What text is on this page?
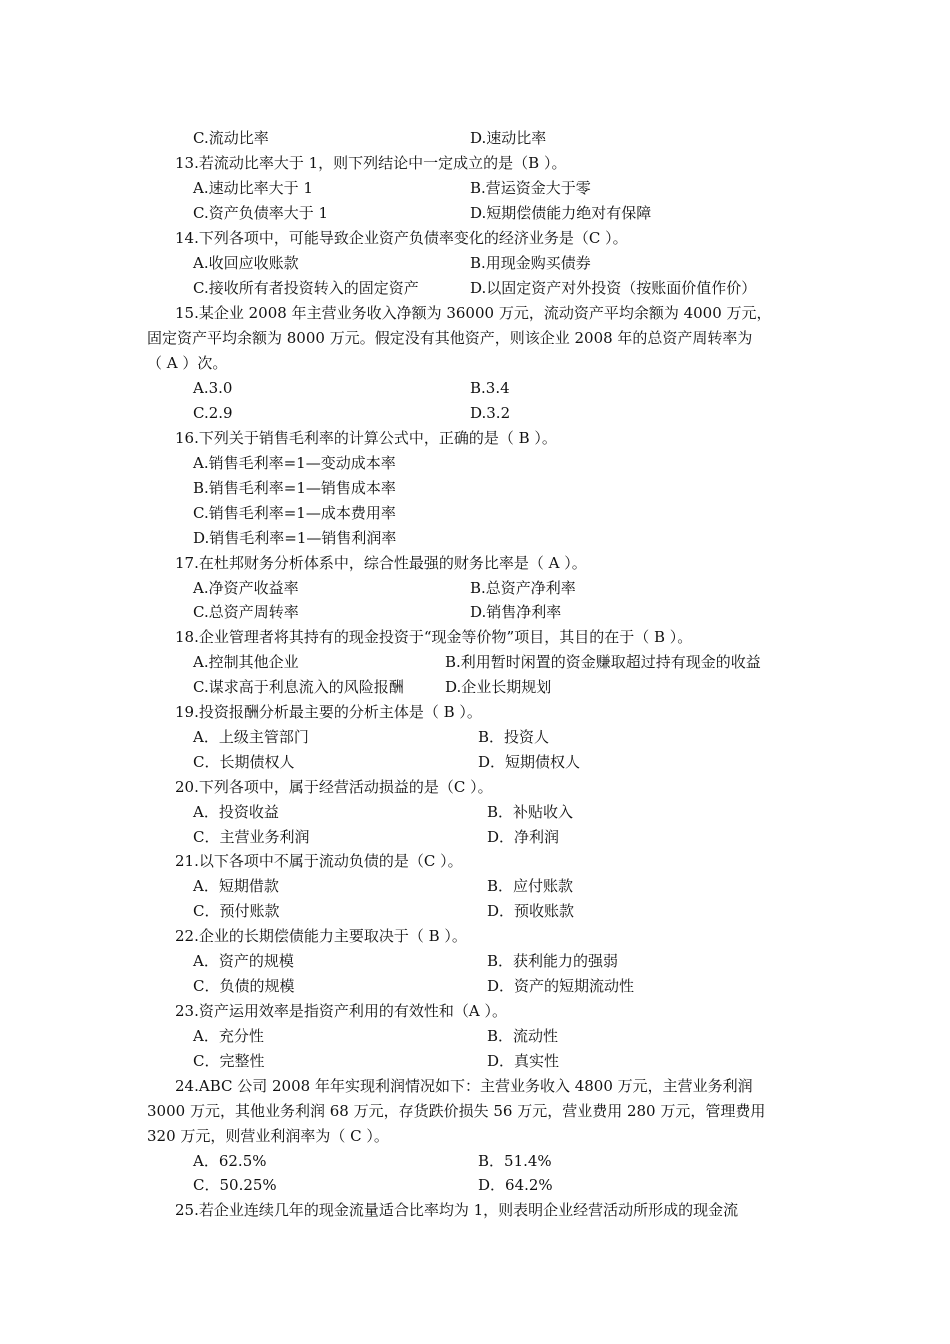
C.流动比率	D.速动比率
13.若流动比率大于 1，则下列结论中一定成立的是（B ）。
A.速动比率大于 1	B.营运资金大于零
C.资产负债率大于 1	D.短期偿债能力绝对有保障
14.下列各项中，可能导致企业资产负债率变化的经济业务是（C ）。
A.收回应收账款	B.用现金购买债券
C.接收所有者投资转入的固定资产	D.以固定资产对外投资（按账面价值作价）
15.某企业 2008 年主营业务收入净额为 36000 万元，流动资产平均余额为 4000 万元，
固定资产平均余额为 8000 万元。假定没有其他资产，则该企业 2008 年的总资产周转率为
（ A ）次。
A.3.0	B.3.4
C.2.9	D.3.2
16.下列关于销售毛利率的计算公式中，正确的是（ B ）。
A.销售毛利率=1—变动成本率
B.销售毛利率=1—销售成本率
C.销售毛利率=1—成本费用率
D.销售毛利率=1—销售利润率
17.在杜邦财务分析体系中，综合性最强的财务比率是（ A ）。
A.净资产收益率	B.总资产净利率
C.总资产周转率	D.销售净利率
18.企业管理者将其持有的现金投资于“现金等价物”项目，其目的在于（ B ）。
A.控制其他企业	B.利用暂时闲置的资金赚取超过持有现金的收益
C.谋求高于利息流入的风险报酬	D.企业长期规划
19.投资报酬分析最主要的分析主体是（ B ）。
A．上级主管部门	B．投资人
C．长期债权人	D．短期债权人
20.下列各项中，属于经营活动损益的是（C ）。
A．投资收益	B．补贴收入
C．主营业务利润	D．净利润
21.以下各项中不属于流动负债的是（C ）。
A．短期借款	B．应付账款
C．预付账款	D．预收账款
22.企业的长期偿债能力主要取决于（ B ）。
A．资产的规模	B．获利能力的强弱
C．负债的规模	D．资产的短期流动性
23.资产运用效率是指资产利用的有效性和（A ）。
A．充分性	B．流动性
C．完整性	D．真实性
24.ABC 公司 2008 年年实现利润情况如下：主营业务收入 4800 万元，主营业务利润
3000 万元，其他业务利润 68 万元，存货跌价损失 56 万元，营业费用 280 万元，管理费用
320 万元，则营业利润率为（ C ）。
A．62.5%	B．51.4%
C．50.25%	D．64.2%
25.若企业连续几年的现金流量适合比率均为 1，则表明企业经营活动所形成的现金流
